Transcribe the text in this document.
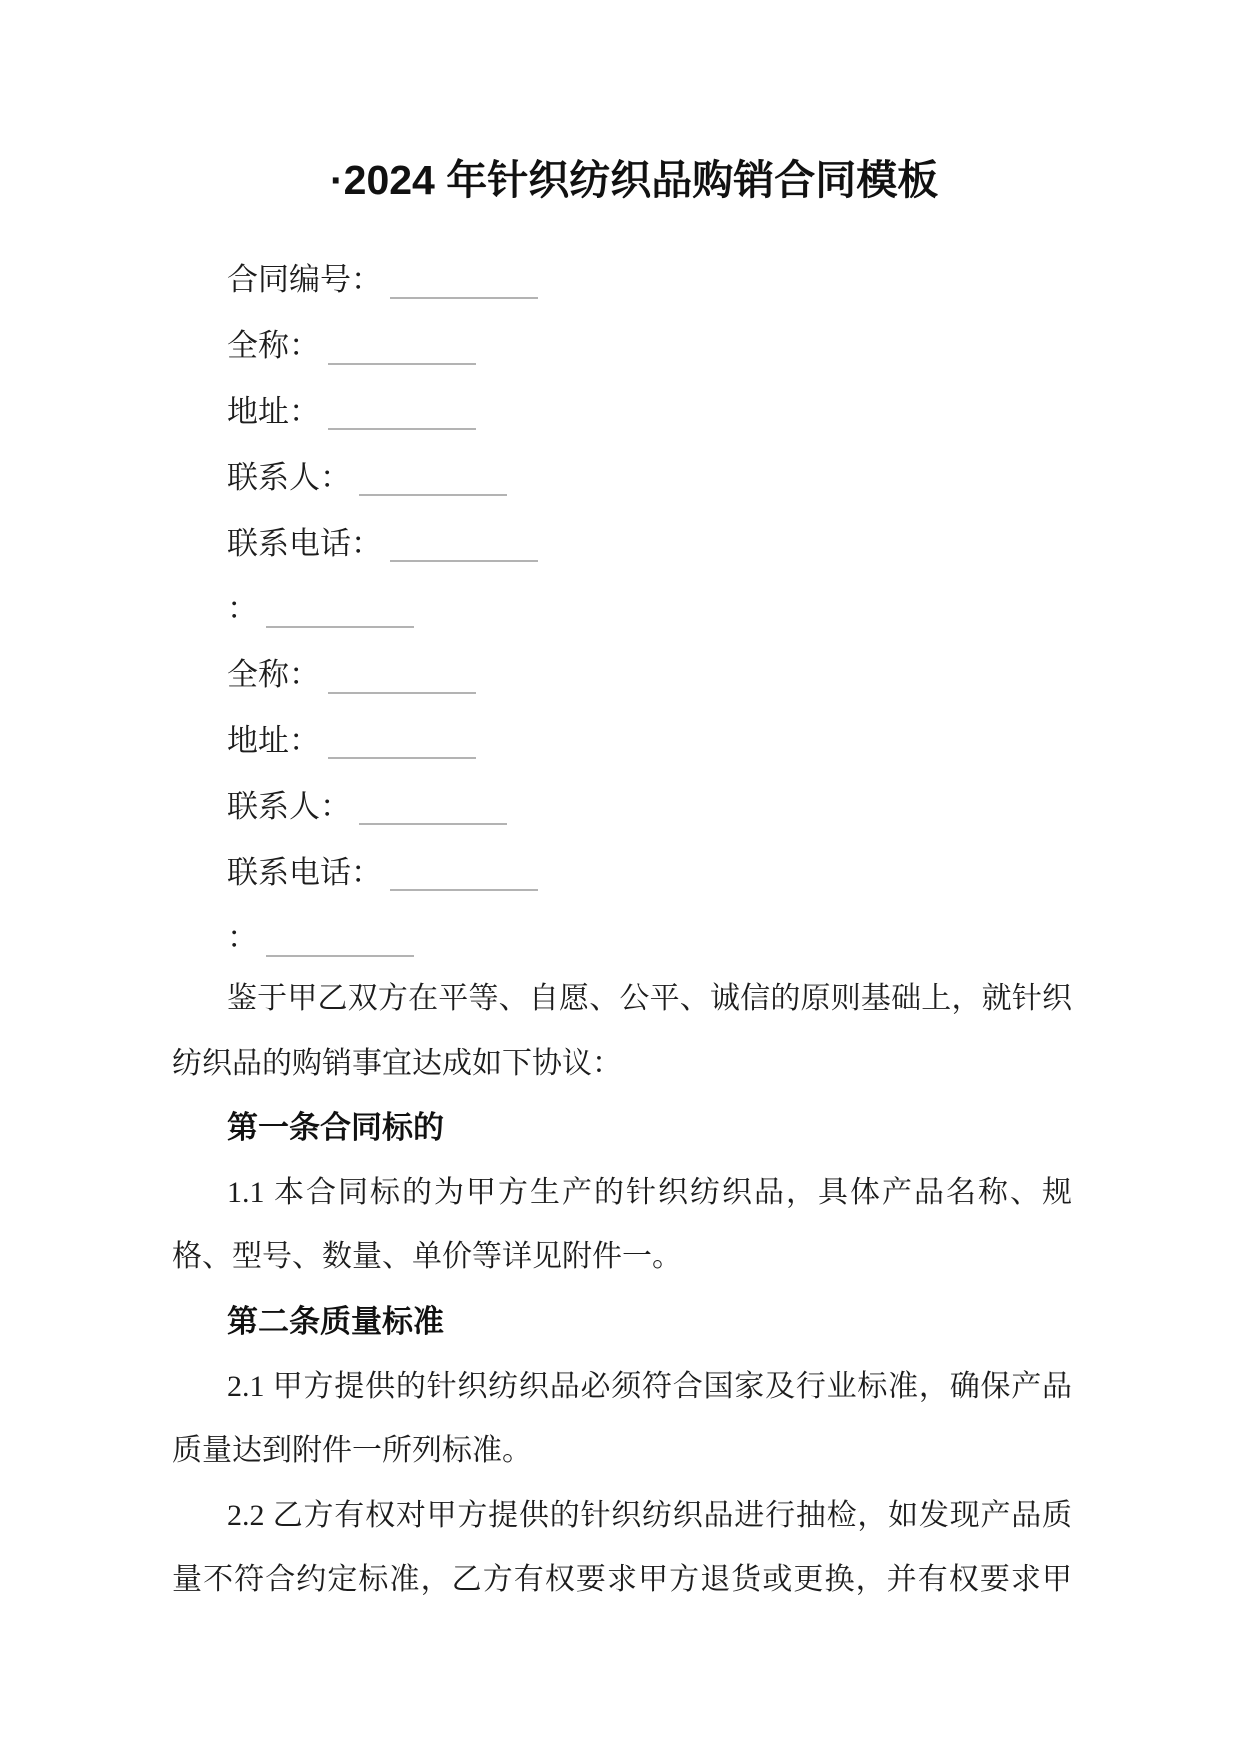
·2024 年针织纺织品购销合同模板
合同编号：
全称：
地址：
联系人：
联系电话：
：
全称：
地址：
联系人：
联系电话：
：
鉴于甲乙双方在平等、自愿、公平、诚信的原则基础上，就针织
纺织品的购销事宜达成如下协议：
第一条合同标的
1.1 本合同标的为甲方生产的针织纺织品，具体产品名称、规
格、型号、数量、单价等详见附件一。
第二条质量标准
2.1 甲方提供的针织纺织品必须符合国家及行业标准，确保产品
质量达到附件一所列标准。
2.2 乙方有权对甲方提供的针织纺织品进行抽检，如发现产品质
量不符合约定标准，乙方有权要求甲方退货或更换，并有权要求甲
